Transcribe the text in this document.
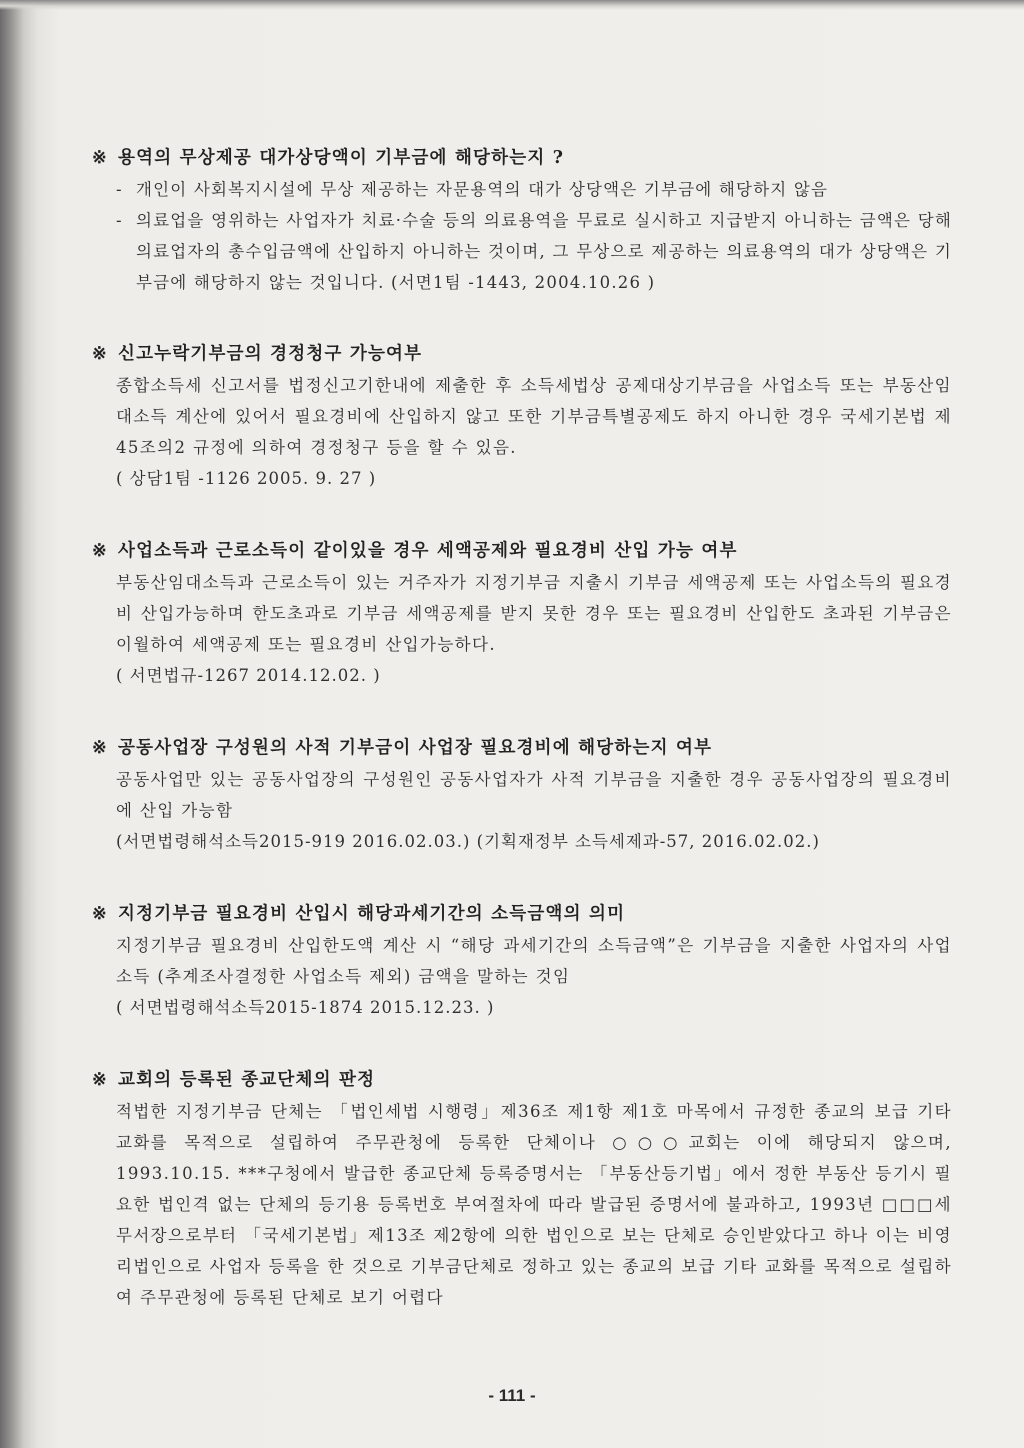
※ 용역의 무상제공 대가상당액이 기부금에 해당하는지 ?
- 개인이 사회복지시설에 무상 제공하는 자문용역의 대가 상당액은 기부금에 해당하지 않음
- 의료업을 영위하는 사업자가 치료·수술 등의 의료용역을 무료로 실시하고 지급받지 아니하는 금액은 당해 의료업자의 총수입금액에 산입하지 아니하는 것이며, 그 무상으로 제공하는 의료용역의 대가 상당액은 기부금에 해당하지 않는 것입니다. (서면1팀 -1443, 2004.10.26 )
※ 신고누락기부금의 경정청구 가능여부
종합소득세 신고서를 법정신고기한내에 제출한 후 소득세법상 공제대상기부금을 사업소득 또는 부동산임대소득 계산에 있어서 필요경비에 산입하지 않고 또한 기부금특별공제도 하지 아니한 경우 국세기본법 제45조의2 규정에 의하여 경정청구 등을 할 수 있음.
( 상담1팀 -1126 2005. 9. 27 )
※ 사업소득과 근로소득이 같이있을 경우 세액공제와 필요경비 산입 가능 여부
부동산임대소득과 근로소득이 있는 거주자가 지정기부금 지출시 기부금 세액공제 또는 사업소득의 필요경비 산입가능하며 한도초과로 기부금 세액공제를 받지 못한 경우 또는 필요경비 산입한도 초과된 기부금은 이월하여 세액공제 또는 필요경비 산입가능하다.
( 서면법규-1267 2014.12.02. )
※ 공동사업장 구성원의 사적 기부금이 사업장 필요경비에 해당하는지 여부
공동사업만 있는 공동사업장의 구성원인 공동사업자가 사적 기부금을 지출한 경우 공동사업장의 필요경비에 산입 가능함
(서면법령해석소득2015-919 2016.02.03.) (기획재정부 소득세제과-57, 2016.02.02.)
※ 지정기부금 필요경비 산입시 해당과세기간의 소득금액의 의미
지정기부금 필요경비 산입한도액 계산 시 “해당 과세기간의 소득금액”은 기부금을 지출한 사업자의 사업소득 (추계조사결정한 사업소득 제외) 금액을 말하는 것임
( 서면법령해석소득2015-1874 2015.12.23. )
※ 교회의 등록된 종교단체의 판정
적법한 지정기부금 단체는 「법인세법 시행령」제36조 제1항 제1호 마목에서 규정한 종교의 보급 기타 교화를 목적으로 설립하여 주무관청에 등록한 단체이나 ○○○교회는 이에 해당되지 않으며, 1993.10.15. ***구청에서 발급한 종교단체 등록증명서는 「부동산등기법」에서 정한 부동산 등기시 필요한 법인격 없는 단체의 등기용 등록번호 부여절차에 따라 발급된 증명서에 불과하고, 1993년 □□□세무서장으로부터 「국세기본법」제13조 제2항에 의한 법인으로 보는 단체로 승인받았다고 하나 이는 비영리법인으로 사업자 등록을 한 것으로 기부금단체로 정하고 있는 종교의 보급 기타 교화를 목적으로 설립하여 주무관청에 등록된 단체로 보기 어렵다
- 111 -
